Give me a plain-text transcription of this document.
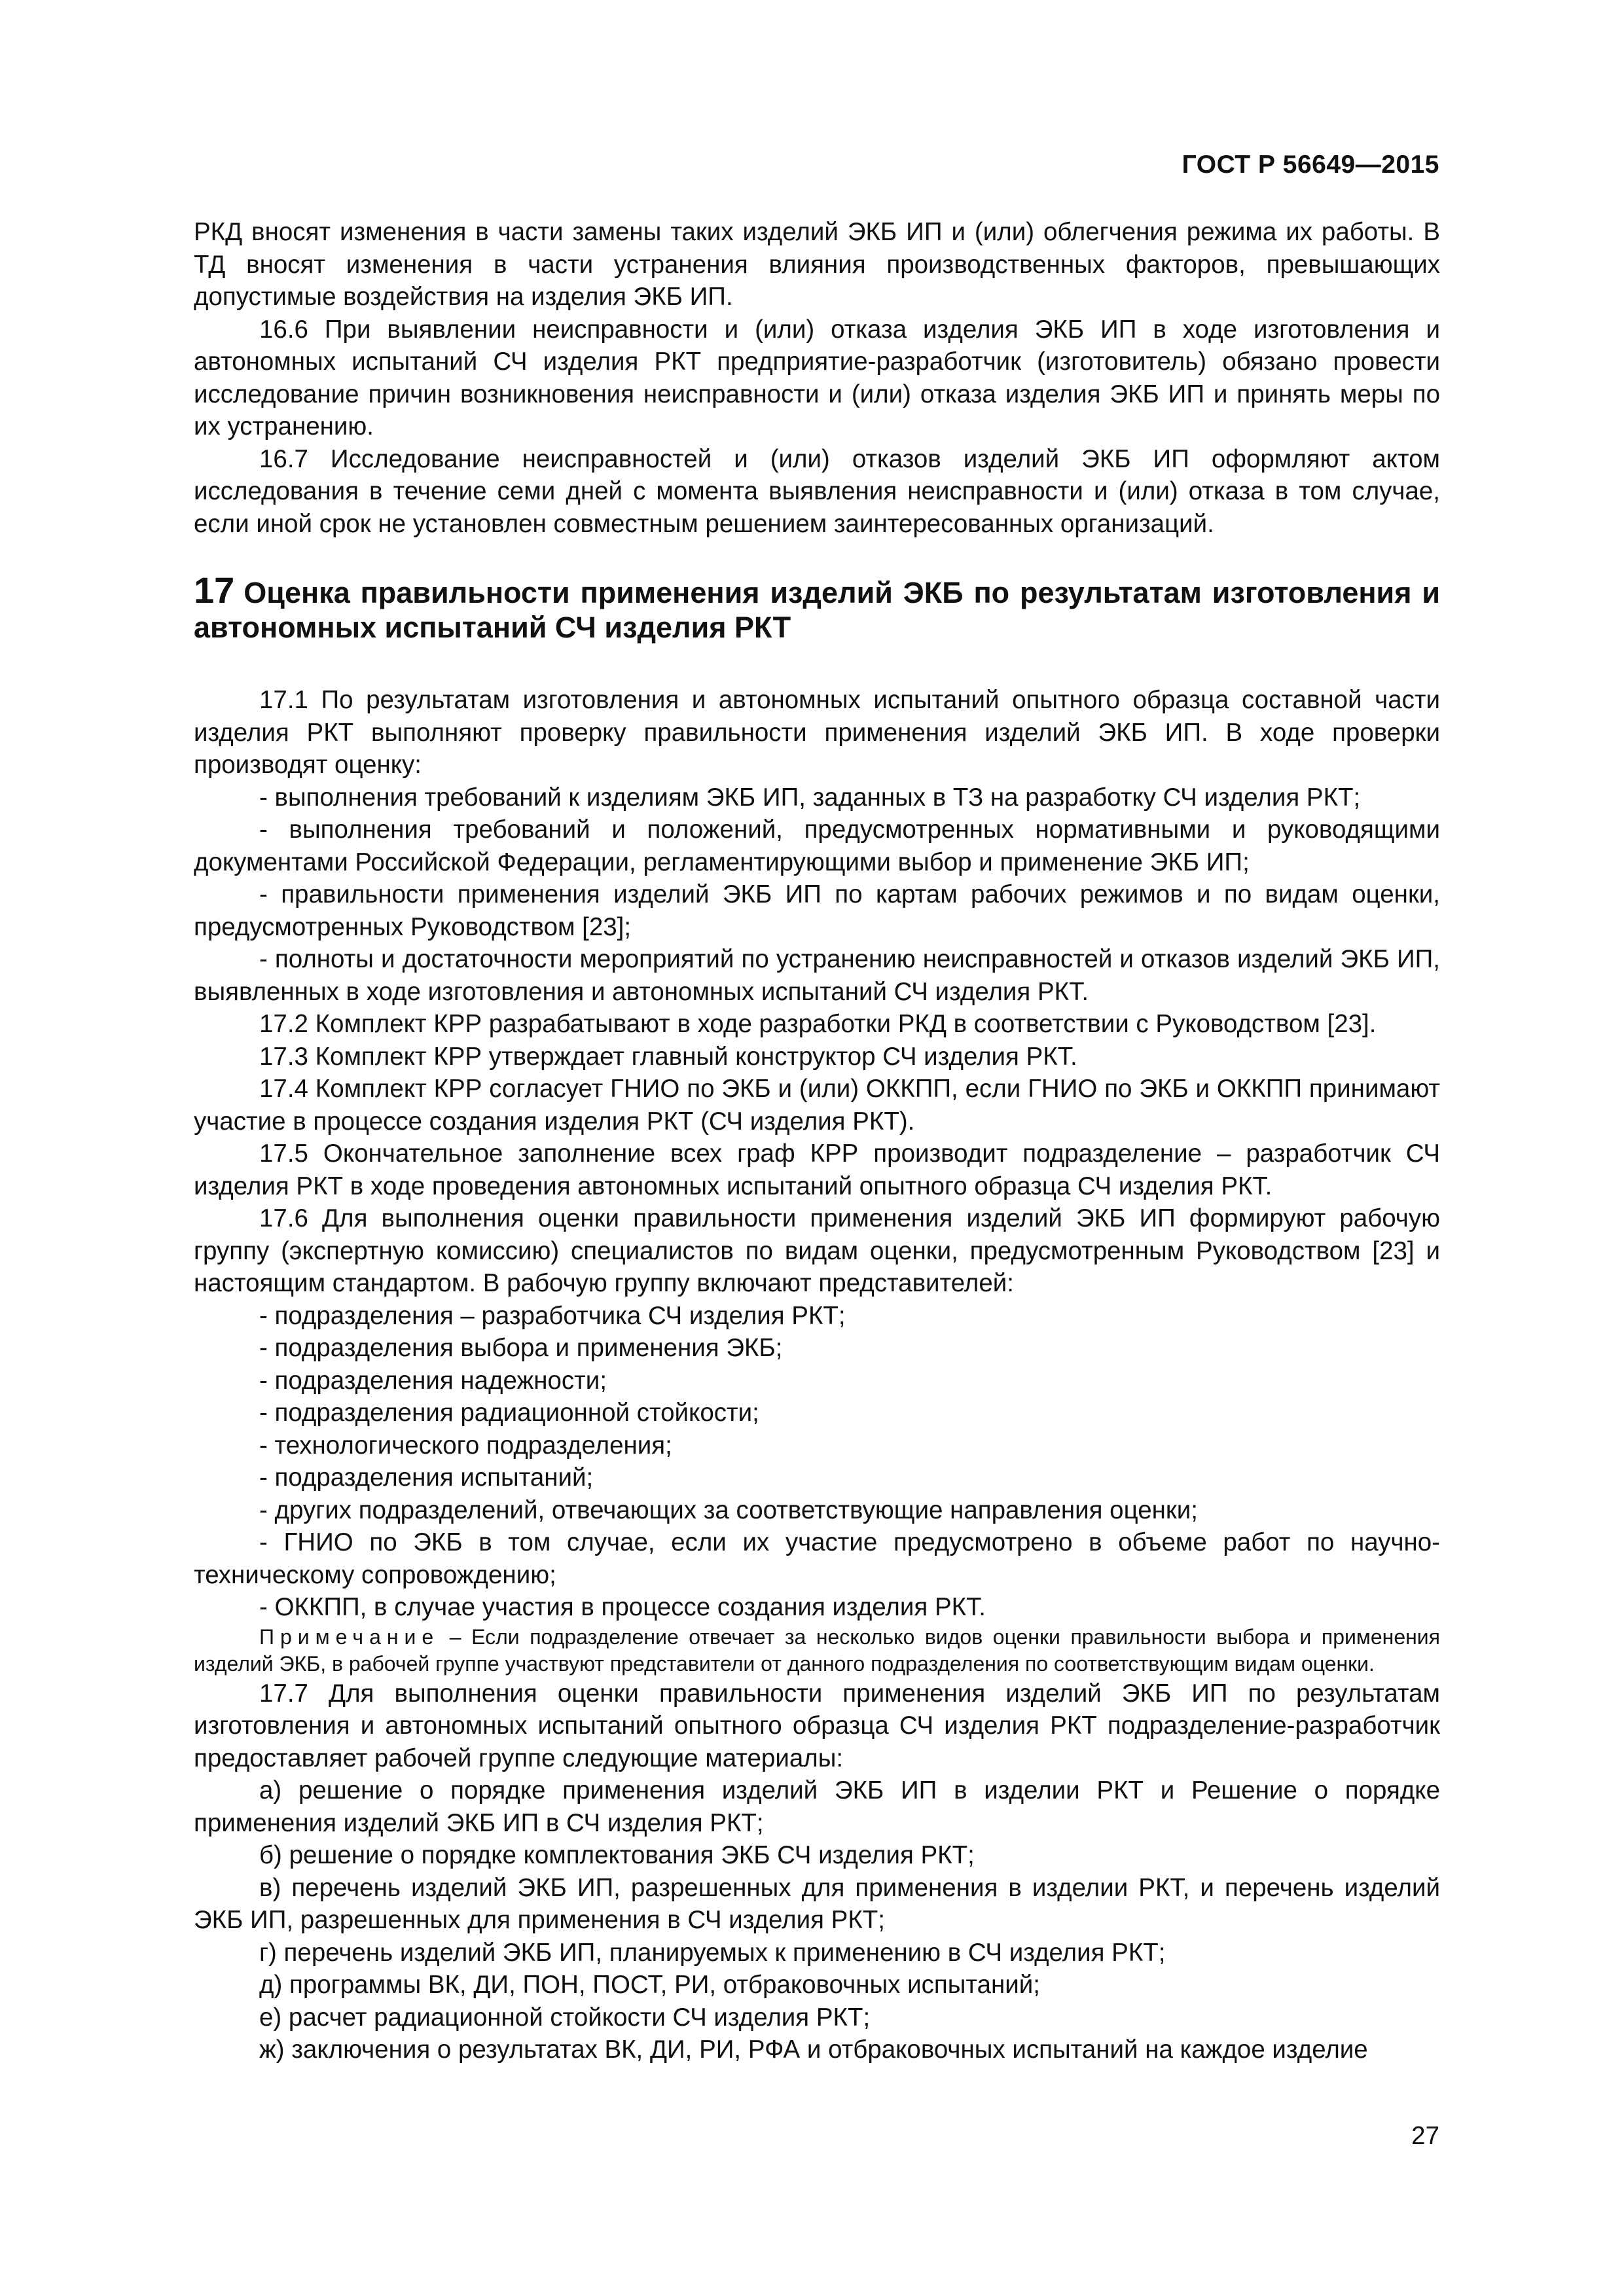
ГОСТ Р 56649—2015

РКД вносят изменения в части замены таких изделий ЭКБ ИП и (или) облегчения режима их работы. В ТД вносят изменения в части устранения влияния производственных факторов, превышающих допустимые воздействия на изделия ЭКБ ИП.

16.6 При выявлении неисправности и (или) отказа изделия ЭКБ ИП в ходе изготовления и автономных испытаний СЧ изделия РКТ предприятие-разработчик (изготовитель) обязано провести исследование причин возникновения неисправности и (или) отказа изделия ЭКБ ИП и принять меры по их устранению.

16.7 Исследование неисправностей и (или) отказов изделий ЭКБ ИП оформляют актом исследования в течение семи дней с момента выявления неисправности и (или) отказа в том случае, если иной срок не установлен совместным решением заинтересованных организаций.

17 Оценка правильности применения изделий ЭКБ по результатам изготовления и автономных испытаний СЧ изделия РКТ

17.1 По результатам изготовления и автономных испытаний опытного образца составной части изделия РКТ выполняют проверку правильности применения изделий ЭКБ ИП. В ходе проверки производят оценку:

- выполнения требований к изделиям ЭКБ ИП, заданных в ТЗ на разработку СЧ изделия РКТ;

- выполнения требований и положений, предусмотренных нормативными и руководящими документами Российской Федерации, регламентирующими выбор и применение ЭКБ ИП;

- правильности применения изделий ЭКБ ИП по картам рабочих режимов и по видам оценки, предусмотренных Руководством [23];

- полноты и достаточности мероприятий по устранению неисправностей и отказов изделий ЭКБ ИП, выявленных в ходе изготовления и автономных испытаний СЧ изделия РКТ.

17.2 Комплект КРР разрабатывают в ходе разработки РКД в соответствии с Руководством [23].

17.3 Комплект КРР утверждает главный конструктор СЧ изделия РКТ.

17.4 Комплект КРР согласует ГНИО по ЭКБ и (или) ОККПП, если ГНИО по ЭКБ и ОККПП принимают участие в процессе создания изделия РКТ (СЧ изделия РКТ).

17.5 Окончательное заполнение всех граф КРР производит подразделение – разработчик СЧ изделия РКТ в ходе проведения автономных испытаний опытного образца СЧ изделия РКТ.

17.6 Для выполнения оценки правильности применения изделий ЭКБ ИП формируют рабочую группу (экспертную комиссию) специалистов по видам оценки, предусмотренным Руководством [23] и настоящим стандартом. В рабочую группу включают представителей:

- подразделения – разработчика СЧ изделия РКТ;

- подразделения выбора и применения ЭКБ;

- подразделения надежности;

- подразделения радиационной стойкости;

- технологического подразделения;

- подразделения испытаний;

- других подразделений, отвечающих за соответствующие направления оценки;

- ГНИО по ЭКБ в том случае, если их участие предусмотрено в объеме работ по научно-техническому сопровождению;

- ОККПП, в случае участия в процессе создания изделия РКТ.

Примечание – Если подразделение отвечает за несколько видов оценки правильности выбора и применения изделий ЭКБ, в рабочей группе участвуют представители от данного подразделения по соответствующим видам оценки.

17.7 Для выполнения оценки правильности применения изделий ЭКБ ИП по результатам изготовления и автономных испытаний опытного образца СЧ изделия РКТ подразделение-разработчик предоставляет рабочей группе следующие материалы:

а) решение о порядке применения изделий ЭКБ ИП в изделии РКТ и Решение о порядке применения изделий ЭКБ ИП в СЧ изделия РКТ;

б) решение о порядке комплектования ЭКБ СЧ изделия РКТ;

в) перечень изделий ЭКБ ИП, разрешенных для применения в изделии РКТ, и перечень изделий ЭКБ ИП, разрешенных для применения в СЧ изделия РКТ;

г) перечень изделий ЭКБ ИП, планируемых к применению в СЧ изделия РКТ;

д) программы ВК, ДИ, ПОН, ПОСТ, РИ, отбраковочных испытаний;

е) расчет радиационной стойкости СЧ изделия РКТ;

ж) заключения о результатах ВК, ДИ, РИ, РФА и отбраковочных испытаний на каждое изделие

27
